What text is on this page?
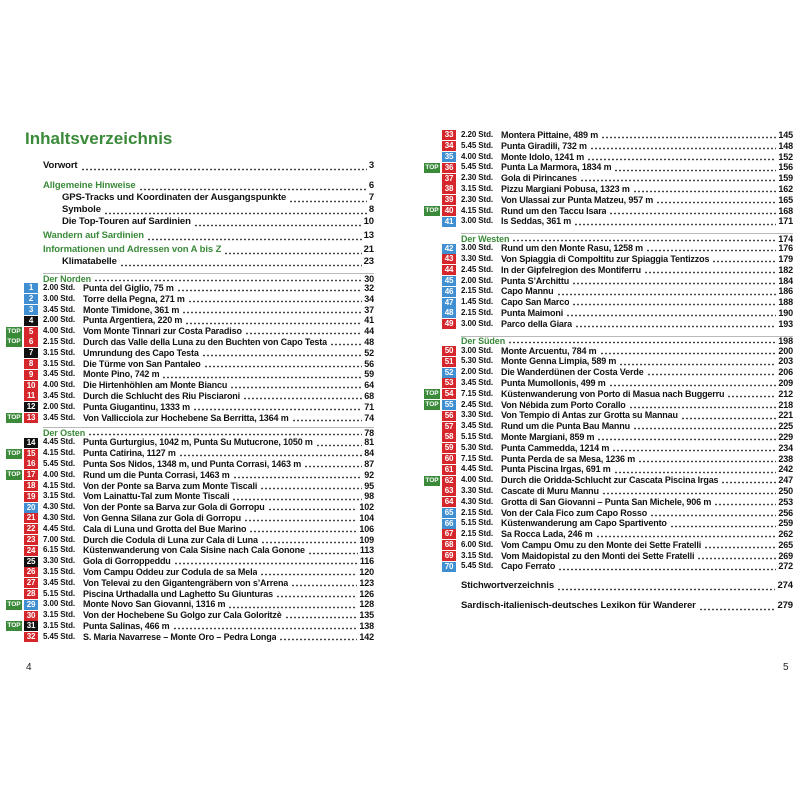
Inhaltsverzeichnis
Vorwort	3
Allgemeine Hinweise	6
GPS-Tracks und Koordinaten der Ausgangspunkte	7
Symbole	8
Die Top-Touren auf Sardinien	10
Wandern auf Sardinien	13
Informationen und Adressen von A bis Z	21
Klimatabelle	23
Der Norden	30
1	2.00 Std. Punta del Giglio, 75 m	32
2	3.00 Std. Torre della Pegna, 271 m	34
3	3.45 Std. Monte Timidone, 361 m	37
4	2.00 Std. Punta Argentiera, 220 m	41
TOP	5	4.00 Std. Vom Monte Tinnari zur Costa Paradiso	44
TOP	6	2.15 Std. Durch das Valle della Luna zu den Buchten von Capo Testa	48
7	3.15 Std. Umrundung des Capo Testa	52
8	3.15 Std. Die Türme von San Pantaleo	56
9	3.45 Std. Monte Pino, 742 m	59
10 4.00 Std. Die Hirtenhöhlen am Monte Biancu	64
11 3.45 Std. Durch die Schlucht des Riu Pisciaroni	68
12 2.00 Std. Punta Giugantinu, 1333 m	71
TOP 13 3.45 Std. Von Vallicciola zur Hochebene Sa Berritta, 1364 m	74
Der Osten	78
14 4.45 Std. Punta Gurturgius, 1042 m, Punta Su Mutucrone, 1050 m	81
TOP 15 4.15 Std. Punta Catirina, 1127 m	84
16 5.45 Std. Punta Sos Nidos, 1348 m, und Punta Corrasi, 1463 m	87
TOP 17 4.00 Std. Rund um die Punta Corrasi, 1463 m	92
18 4.15 Std. Von der Ponte sa Barva zum Monte Tiscali	95
19 3.15 Std. Vom Lainattu-Tal zum Monte Tiscali	98
20 4.30 Std. Von der Ponte sa Barva zur Gola di Gorropu	102
21 4.30 Std. Von Genna Silana zur Gola di Gorropu	104
22 4.45 Std. Cala di Luna und Grotta del Bue Marino	106
23 7.00 Std. Durch die Codula di Luna zur Cala di Luna	109
24 6.15 Std. Küstenwanderung von Cala Sisine nach Cala Gonone	113
25 3.30 Std. Gola di Gorroppeddu	116
26 3.15 Std. Vom Campu Oddeu zur Codula de sa Mela	120
27 3.45 Std. Von Televai zu den Gigantengräbern von s’Arrena	123
28 5.15 Std. Piscina Urthadalla und Laghetto Su Giunturas	126
TOP 29 3.00 Std. Monte Novo San Giovanni, 1316 m	128
30 3.15 Std. Von der Hochebene Su Golgo zur Cala Goloritzè	135
TOP 31 3.15 Std. Punta Salinas, 466 m	138
32 5.45 Std. S. Maria Navarrese – Monte Oro – Pedra Longa	142
4
33 2.20 Std. Montera Pittaine, 489 m	145
34 5.45 Std. Punta Giradili, 732 m	148
35 4.00 Std. Monte Idolo, 1241 m	152
TOP 36 5.45 Std. Punta La Marmora, 1834 m	156
37 2.30 Std. Gola di Pirincanes	159
38 3.15 Std. Pizzu Margiani Pobusa, 1323 m	162
39 2.30 Std. Von Ulassai zur Punta Matzeu, 957 m	165
TOP 40 4.15 Std. Rund um den Taccu Isara	168
41 3.00 Std. Is Seddas, 361 m	171
Der Westen	174
42 3.00 Std. Rund um den Monte Rasu, 1258 m	176
43 3.30 Std. Von Spiaggia di Compoltitu zur Spiaggia Tentizzos	179
44 2.45 Std. In der Gipfelregion des Montiferru	182
45 2.00 Std. Punta S’Archittu	184
46 2.15 Std. Capo Mannu	186
47 1.45 Std. Capo San Marco	188
48 2.15 Std. Punta Maimoni	190
49 3.00 Std. Parco della Giara	193
Der Süden	198
50 3.00 Std. Monte Arcuentu, 784 m	200
51 5.30 Std. Monte Genna Limpia, 589 m	203
52 2.00 Std. Die Wanderdünen der Costa Verde	206
53 3.45 Std. Punta Mumollonis, 499 m	209
TOP 54 7.15 Std. Küstenwanderung von Porto di Masua nach Buggerru	212
TOP 55 2.45 Std. Von Nébida zum Porto Corallo	218
56 3.30 Std. Von Tempio di Antas zur Grotta su Mannau	221
57 3.45 Std. Rund um die Punta Bau Mannu	225
58 5.15 Std. Monte Margiani, 859 m	229
59 5.30 Std. Punta Cammedda, 1214 m	234
60 7.15 Std. Punta Perda de sa Mesa, 1236 m	238
61 4.45 Std. Punta Piscina Irgas, 691 m	242
TOP 62 4.00 Std. Durch die Oridda-Schlucht zur Cascata Piscina Irgas	247
63 3.30 Std. Cascate di Muru Mannu	250
64 4.30 Std. Grotta di San Giovanni – Punta San Michele, 906 m	253
65 2.15 Std. Von der Cala Fico zum Capo Rosso	256
66 5.15 Std. Küstenwanderung am Capo Spartivento	259
67 2.15 Std. Sa Rocca Lada, 246 m	262
68 6.00 Std. Vom Campu Omu zu den Monte dei Sette Fratelli	265
69 3.15 Std. Vom Maidopistal zu den Monti dei Sette Fratelli	269
70 5.45 Std. Capo Ferrato	272
Stichwortverzeichnis	274
Sardisch-italienisch-deutsches Lexikon für Wanderer	279
5
